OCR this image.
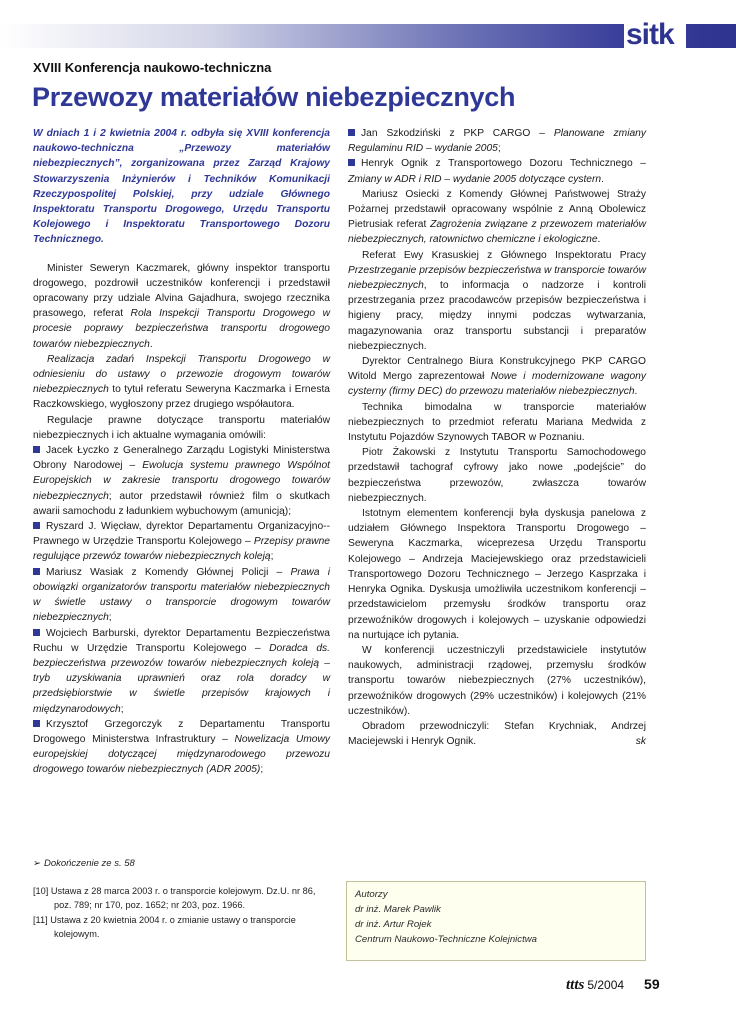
sitk
XVIII Konferencja naukowo-techniczna
Przewozy materiałów niebezpiecznych

W dniach 1 i 2 kwietnia 2004 r. odbyła się XVIII konferencja naukowo-techniczna „Przewozy materiałów niebezpiecznych”, zorganizowana przez Zarząd Krajowy Stowarzyszenia Inżynierów i Techników Komunikacji Rzeczypospolitej Polskiej, przy udziale Głównego Inspektoratu Transportu Drogowego, Urzędu Transportu Kolejowego i Inspektoratu Transportowego Dozoru Technicznego.

Minister Seweryn Kaczmarek, główny inspektor transportu drogowego, pozdrowił uczestników konferencji i przedstawił opracowany przy udziale Alvina Gajadhura, swojego rzecznika prasowego, referat Rola Inspekcji Transportu Drogowego w procesie poprawy bezpieczeństwa transportu drogowego towarów niebezpiecznych.

Realizacja zadań Inspekcji Transportu Drogowego w odniesieniu do ustawy o przewozie drogowym towarów niebezpiecznych to tytuł referatu Seweryna Kaczmarka i Ernesta Raczkowskiego, wygłoszony przez drugiego współautora.

Regulacje prawne dotyczące transportu materiałów niebezpiecznych i ich aktualne wymagania omówili:

Jacek Łyczko z Generalnego Zarządu Logistyki Ministerstwa Obrony Narodowej – Ewolucja systemu prawnego Wspólnot Europejskich w zakresie transportu drogowego towarów niebezpiecznych; autor przedstawił również film o skutkach awarii samochodu z ładunkiem wybuchowym (amunicją);

Ryszard J. Więcław, dyrektor Departamentu Organizacyjno--Prawnego w Urzędzie Transportu Kolejowego – Przepisy prawne regulujące przewóz towarów niebezpiecznych koleją;

Mariusz Wasiak z Komendy Głównej Policji – Prawa i obowiązki organizatorów transportu materiałów niebezpiecznych w świetle ustawy o transporcie drogowym towarów niebezpiecznych;

Wojciech Barburski, dyrektor Departamentu Bezpieczeństwa Ruchu w Urzędzie Transportu Kolejowego – Doradca ds. bezpieczeństwa przewozów towarów niebezpiecznych koleją – tryb uzyskiwania uprawnień oraz rola doradcy w przedsiębiorstwie w świetle przepisów krajowych i międzynarodowych;

Krzysztof Grzegorczyk z Departamentu Transportu Drogowego Ministerstwa Infrastruktury – Nowelizacja Umowy europejskiej dotyczącej międzynarodowego przewozu drogowego towarów niebezpiecznych (ADR 2005);

Jan Szkodziński z PKP CARGO – Planowane zmiany Regulaminu RID – wydanie 2005;

Henryk Ognik z Transportowego Dozoru Technicznego – Zmiany w ADR i RID – wydanie 2005 dotyczące cystern.

Mariusz Osiecki z Komendy Głównej Państwowej Straży Pożarnej przedstawił opracowany wspólnie z Anną Obolewicz Pietrusiak referat Zagrożenia związane z przewozem materiałów niebezpiecznych, ratownictwo chemiczne i ekologiczne.

Referat Ewy Krasuskiej z Głównego Inspektoratu Pracy Przestrzeganie przepisów bezpieczeństwa w transporcie towarów niebezpiecznych, to informacja o nadzorze i kontroli przestrzegania przez pracodawców przepisów bezpieczeństwa i higieny pracy, między innymi podczas wytwarzania, magazynowania oraz transportu substancji i preparatów niebezpiecznych.

Dyrektor Centralnego Biura Konstrukcyjnego PKP CARGO Witold Mergo zaprezentował Nowe i modernizowane wagony cysterny (firmy DEC) do przewozu materiałów niebezpiecznych.

Technika bimodalna w transporcie materiałów niebezpiecznych to przedmiot referatu Mariana Medwida z Instytutu Pojazdów Szynowych TABOR w Poznaniu.

Piotr Żakowski z Instytutu Transportu Samochodowego przedstawił tachograf cyfrowy jako nowe „podejście” do bezpieczeństwa przewozów, zwłaszcza towarów niebezpiecznych.

Istotnym elementem konferencji była dyskusja panelowa z udziałem Głównego Inspektora Transportu Drogowego – Seweryna Kaczmarka, wiceprezesa Urzędu Transportu Kolejowego – Andrzeja Maciejewskiego oraz przedstawicieli Transportowego Dozoru Technicznego – Jerzego Kasprzaka i Henryka Ognika. Dyskusja umożliwiła uczestnikom konferencji – przedstawicielom przemysłu środków transportu oraz przewoźników drogowych i kolejowych – uzyskanie odpowiedzi na nurtujące ich pytania.

W konferencji uczestniczyli przedstawiciele instytutów naukowych, administracji rządowej, przemysłu środków transportu towarów niebezpiecznych (27% uczestników), przewoźników drogowych (29% uczestników) i kolejowych (21% uczestników).

Obradom przewodniczyli: Stefan Krychniak, Andrzej Maciejewski i Henryk Ognik.	sk

➢ Dokończenie ze s. 58
[10] Ustawa z 28 marca 2003 r. o transporcie kolejowym. Dz.U. nr 86, poz. 789; nr 170, poz. 1652; nr 203, poz. 1966.
[11] Ustawa z 20 kwietnia 2004 r. o zmianie ustawy o transporcie kolejowym.
Autorzy
dr inż. Marek Pawlik
dr inż. Artur Rojek
Centrum Naukowo-Techniczne Kolejnictwa
ttts 5/2004 59
